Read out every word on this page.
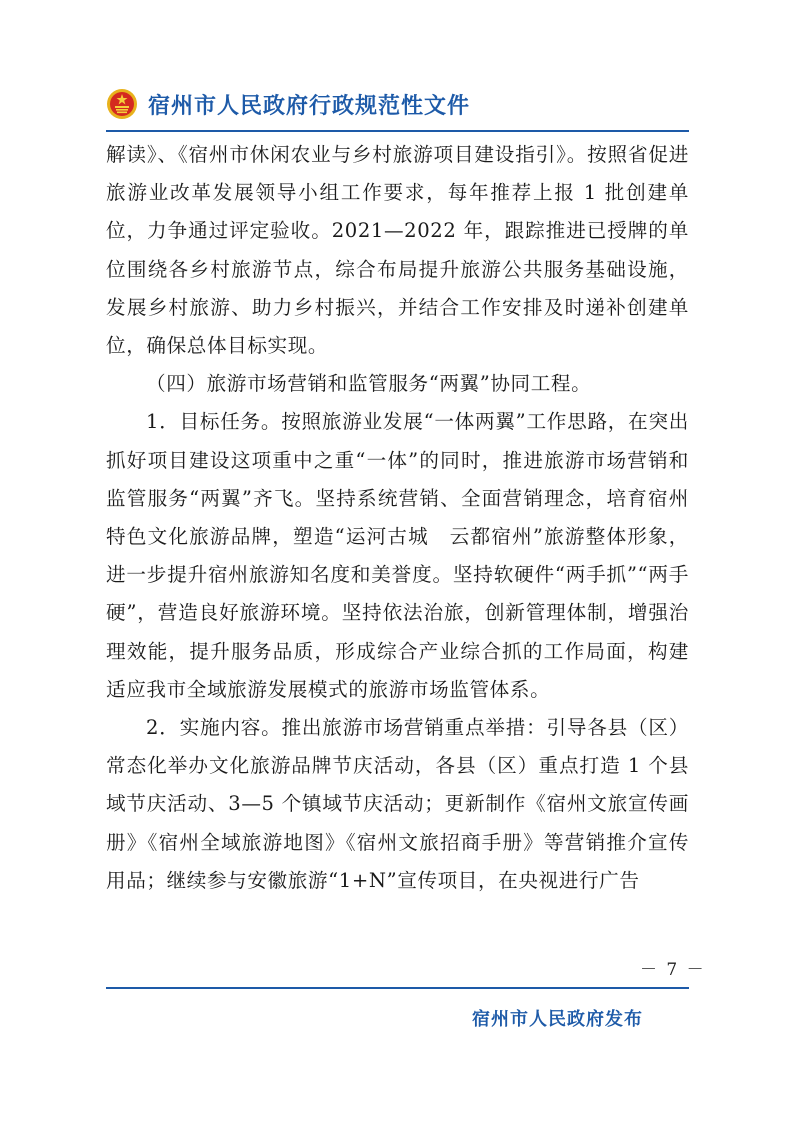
宿州市人民政府行政规范性文件

解读》、《宿州市休闲农业与乡村旅游项目建设指引》。按照省促进旅游业改革发展领导小组工作要求，每年推荐上报 1 批创建单位，力争通过评定验收。2021—2022 年，跟踪推进已授牌的单位围绕各乡村旅游节点，综合布局提升旅游公共服务基础设施，发展乡村旅游、助力乡村振兴，并结合工作安排及时递补创建单位，确保总体目标实现。

（四）旅游市场营销和监管服务“两翼”协同工程。

1．目标任务。按照旅游业发展“一体两翼”工作思路，在突出抓好项目建设这项重中之重“一体”的同时，推进旅游市场营销和监管服务“两翼”齐飞。坚持系统营销、全面营销理念，培育宿州特色文化旅游品牌，塑造“运河古城　云都宿州”旅游整体形象，进一步提升宿州旅游知名度和美誉度。坚持软硬件“两手抓”“两手硬”，营造良好旅游环境。坚持依法治旅，创新管理体制，增强治理效能，提升服务品质，形成综合产业综合抓的工作局面，构建适应我市全域旅游发展模式的旅游市场监管体系。

2．实施内容。推出旅游市场营销重点举措：引导各县（区）常态化举办文化旅游品牌节庆活动，各县（区）重点打造 1 个县域节庆活动、3—5 个镇域节庆活动；更新制作《宿州文旅宣传画册》《宿州全域旅游地图》《宿州文旅招商手册》等营销推介宣传用品；继续参与安徽旅游“1+N”宣传项目，在央视进行广告

－ 7 －
宿州市人民政府发布
